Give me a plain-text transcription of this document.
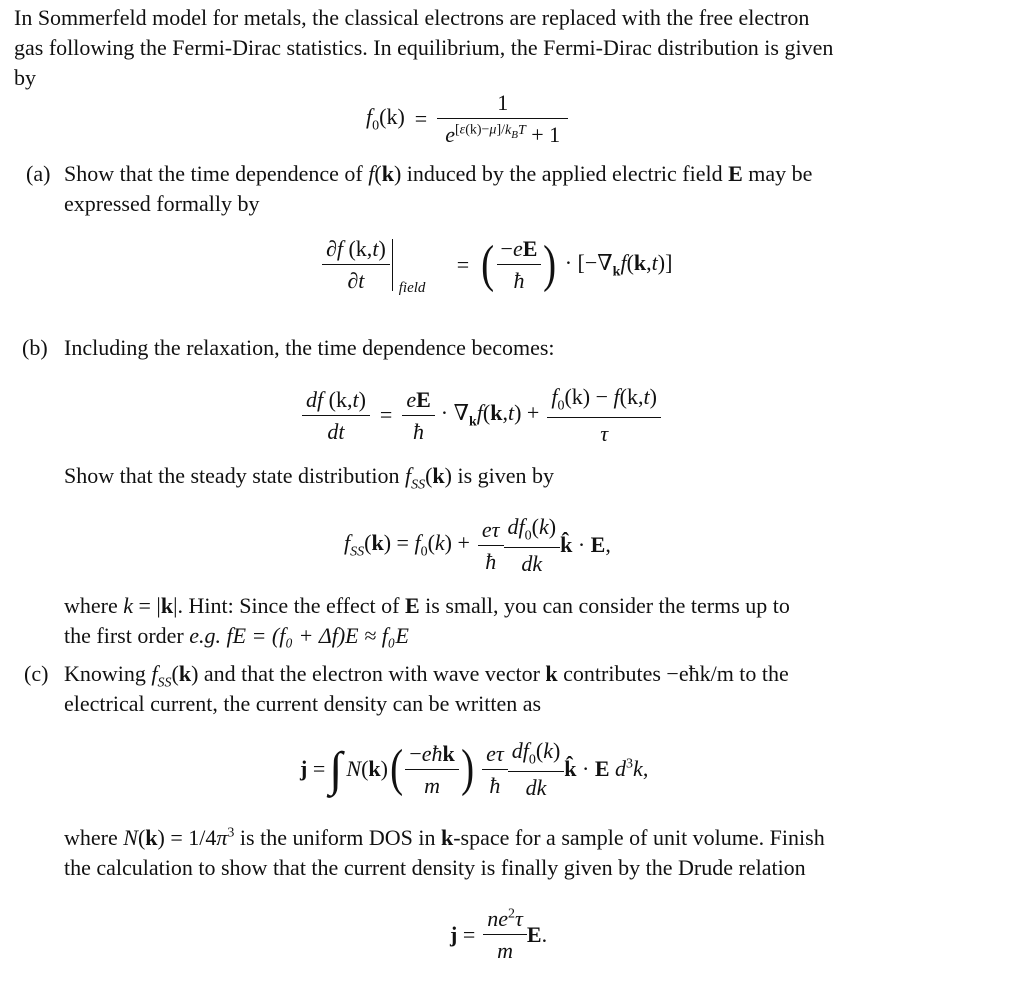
In Sommerfeld model for metals, the classical electrons are replaced with the free electron
gas following the Fermi-Dirac statistics. In equilibrium, the Fermi-Dirac distribution is given
by
$f_0(k) = \frac{1}{e^{[\varepsilon(k)-\mu]/k_BT} + 1}$
(a) Show that the time dependence of f(k) induced by the applied electric field E may be
expressed formally by
$\frac{\partial f (k,t)}{\partial t}$ field
= ( $\frac{-eE}{ħ}$ ) · $[-\nabla_kf(k,t)]$
(b) Including the relaxation, the time dependence becomes:
$\frac{df (k,t)}{dt} = \frac{eE}{ħ} \cdot \nabla_kf(k,t) + \frac{f_0(k) - f(k,t)}{\tau}$
Show that the steady state distribution $f_{SS}(k)$ is given by
$f_{SS}(k) = f_0(k) + \frac{e\tau}{ħ} \frac{df_0(k)}{dk}$ k̂ · E,
where k = |k|. Hint: Since the effect of E is small, you can consider the terms up to
the first order e.g. fE = (f₀ + Δf)E ≈ f₀E
(c) Knowing $f_{SS}(k)$ and that the electron with wave vector k contributes −eħk/m to the
electrical current, the current density can be written as
j = ∫ N(k) ( $\frac{\text{−eħk}}{m}$ ) $\frac{e\tau}{ħ} \frac{df_0(k)}{dk}$ k̂ · E $d^3k$,
where $N(k) = 1/4\pi^3$ is the uniform DOS in k-space for a sample of unit volume. Finish
the calculation to show that the current density is finally given by the Drude relation
$j = \frac{ne^2\tau}{m} E$.
